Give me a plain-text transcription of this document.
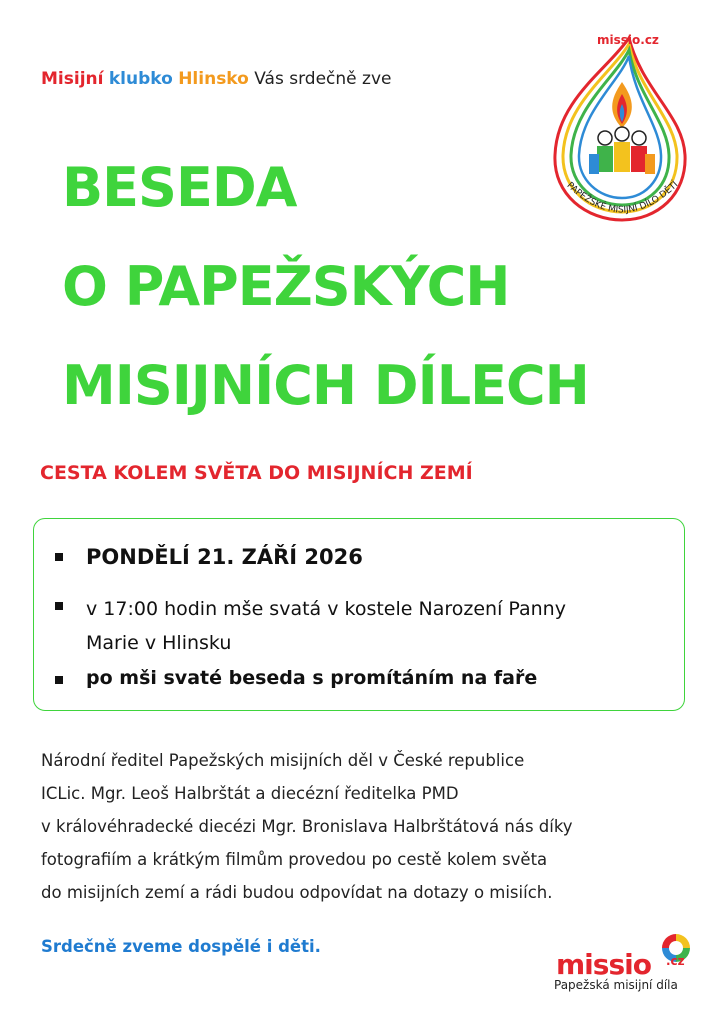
Misijní klubko Hlinsko Vás srdečně zve
PAPEŽSKÉ MISIJNÍ DÍLO DĚTÍ
missio.cz
BESEDA
O PAPEŽSKÝCH
MISIJNÍCH DÍLECH
CESTA KOLEM SVĚTA DO MISIJNÍCH ZEMÍ
PONDĚLÍ 21. ZÁŘÍ 2026
v 17:00 hodin mše svatá v kostele Narození Panny
Marie v Hlinsku
po mši svaté beseda s promítáním na faře
Národní ředitel Papežských misijních děl v České republice
ICLic. Mgr. Leoš Halbrštát a diecézní ředitelka PMD
v královéhradecké diecézi Mgr. Bronislava Halbrštátová nás díky
fotografiím a krátkým filmům provedou po cestě kolem světa
do misijních zemí a rádi budou odpovídat na dotazy o misiích.
Srdečně zveme dospělé i děti.
missio .cz
Papežská misijní díla
